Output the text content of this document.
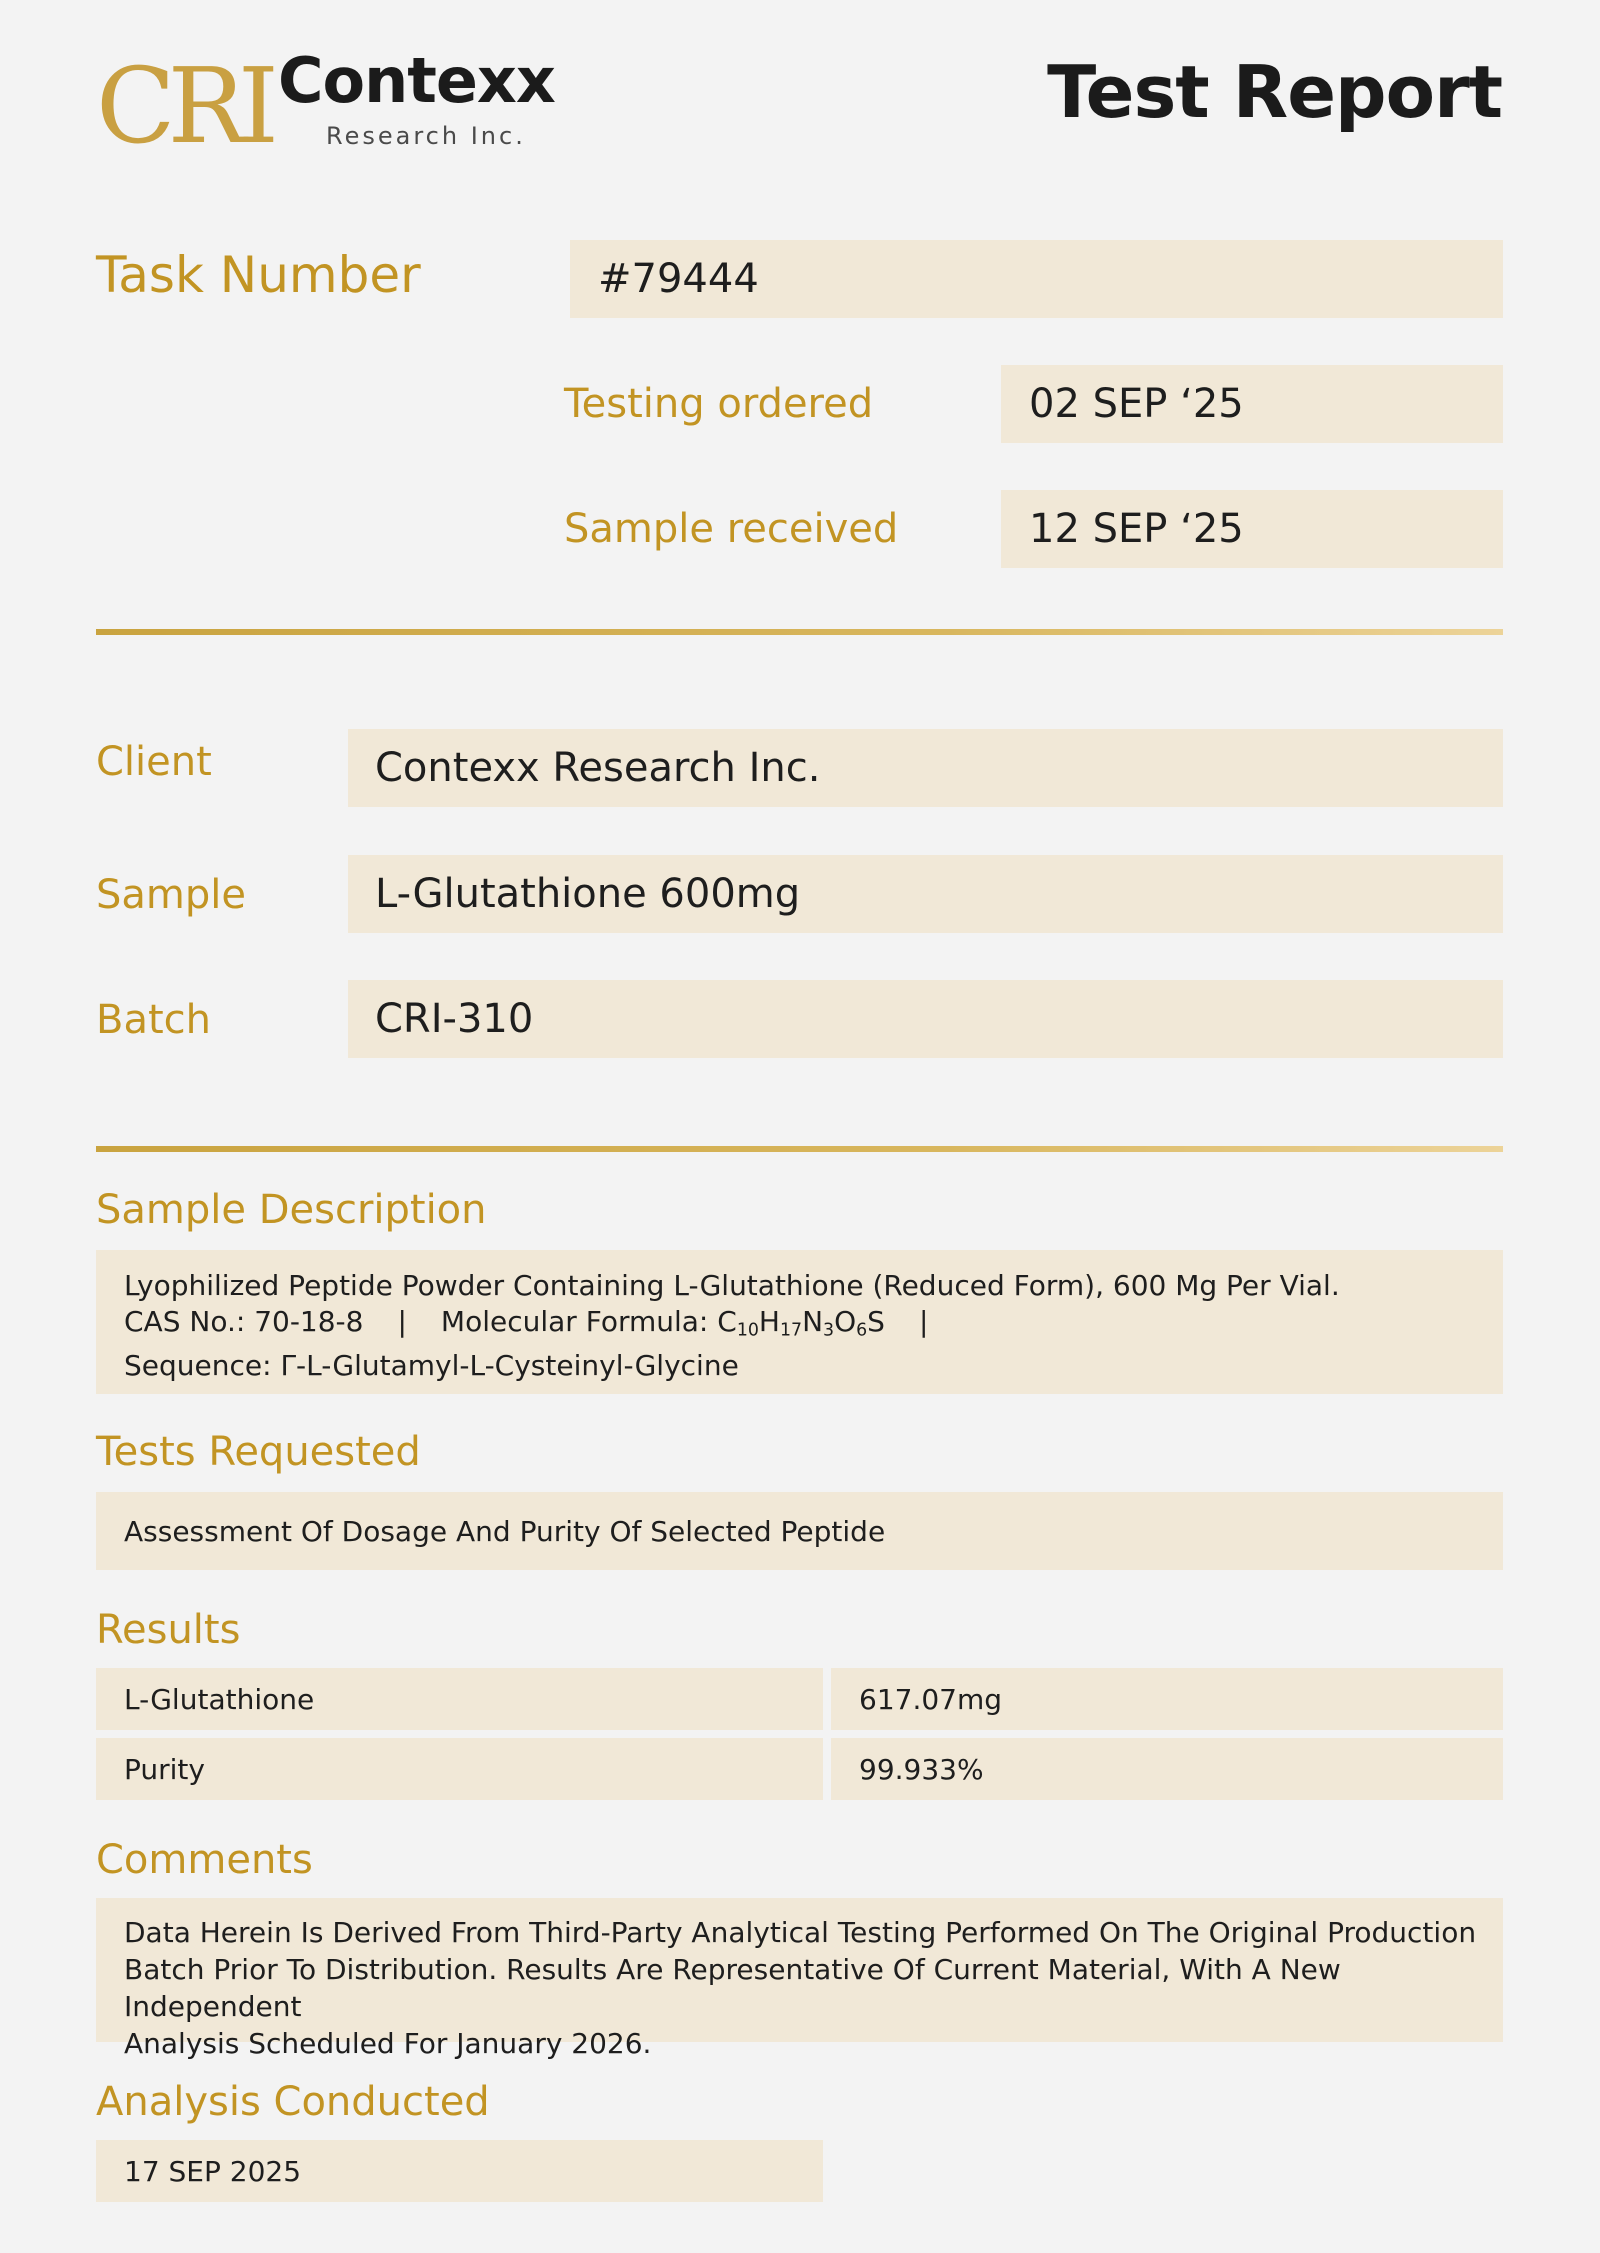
CRI Contexx
Research Inc.
Test Report
Task Number	#79444
Testing ordered	02 SEP ‘25
Sample received	12 SEP ‘25
Client	Contexx Research Inc.
Sample	L-Glutathione 600mg
Batch	CRI-310
Sample Description
Lyophilized Peptide Powder Containing L-Glutathione (Reduced Form), 600 Mg Per Vial.
CAS No.: 70-18-8 | Molecular Formula: $C_{10}H_{17}N_3O_6S$ |
Sequence: Γ-L-Glutamyl-L-Cysteinyl-Glycine
Tests Requested
Assessment Of Dosage And Purity Of Selected Peptide
Results
L-Glutathione	617.07mg
Purity	99.933%
Comments
Data Herein Is Derived From Third-Party Analytical Testing Performed On The Original Production
Batch Prior To Distribution. Results Are Representative Of Current Material, With A New Independent
Analysis Scheduled For January 2026.
Analysis Conducted
17 SEP 2025
